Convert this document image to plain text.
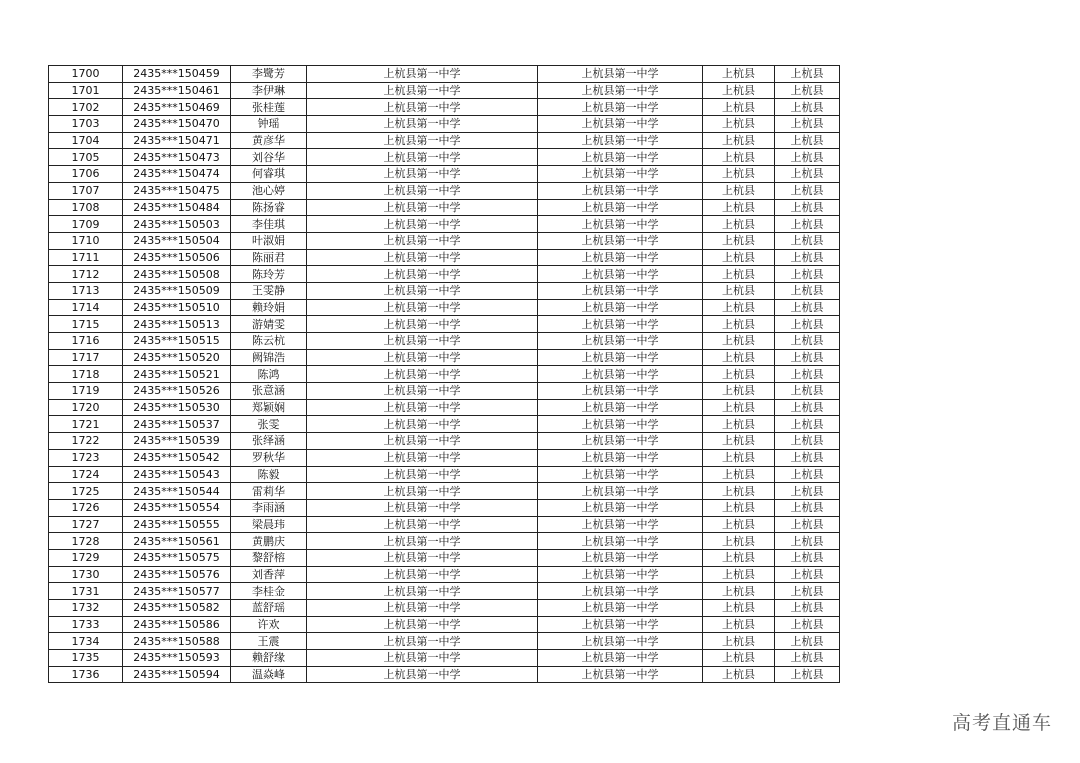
1700	2435***150459	李鹭芳	上杭县第一中学	上杭县第一中学	上杭县	上杭县
1701	2435***150461	李伊琳	上杭县第一中学	上杭县第一中学	上杭县	上杭县
1702	2435***150469	张桂莲	上杭县第一中学	上杭县第一中学	上杭县	上杭县
1703	2435***150470	钟瑶	上杭县第一中学	上杭县第一中学	上杭县	上杭县
1704	2435***150471	黄彦华	上杭县第一中学	上杭县第一中学	上杭县	上杭县
1705	2435***150473	刘谷华	上杭县第一中学	上杭县第一中学	上杭县	上杭县
1706	2435***150474	何睿琪	上杭县第一中学	上杭县第一中学	上杭县	上杭县
1707	2435***150475	池心婷	上杭县第一中学	上杭县第一中学	上杭县	上杭县
1708	2435***150484	陈扬睿	上杭县第一中学	上杭县第一中学	上杭县	上杭县
1709	2435***150503	李佳琪	上杭县第一中学	上杭县第一中学	上杭县	上杭县
1710	2435***150504	叶淑娟	上杭县第一中学	上杭县第一中学	上杭县	上杭县
1711	2435***150506	陈丽君	上杭县第一中学	上杭县第一中学	上杭县	上杭县
1712	2435***150508	陈玲芳	上杭县第一中学	上杭县第一中学	上杭县	上杭县
1713	2435***150509	王雯静	上杭县第一中学	上杭县第一中学	上杭县	上杭县
1714	2435***150510	赖玲娟	上杭县第一中学	上杭县第一中学	上杭县	上杭县
1715	2435***150513	游婧雯	上杭县第一中学	上杭县第一中学	上杭县	上杭县
1716	2435***150515	陈云杭	上杭县第一中学	上杭县第一中学	上杭县	上杭县
1717	2435***150520	阙锦浩	上杭县第一中学	上杭县第一中学	上杭县	上杭县
1718	2435***150521	陈鸿	上杭县第一中学	上杭县第一中学	上杭县	上杭县
1719	2435***150526	张意涵	上杭县第一中学	上杭县第一中学	上杭县	上杭县
1720	2435***150530	郑颖娴	上杭县第一中学	上杭县第一中学	上杭县	上杭县
1721	2435***150537	张雯	上杭县第一中学	上杭县第一中学	上杭县	上杭县
1722	2435***150539	张绎涵	上杭县第一中学	上杭县第一中学	上杭县	上杭县
1723	2435***150542	罗秋华	上杭县第一中学	上杭县第一中学	上杭县	上杭县
1724	2435***150543	陈毅	上杭县第一中学	上杭县第一中学	上杭县	上杭县
1725	2435***150544	雷莉华	上杭县第一中学	上杭县第一中学	上杭县	上杭县
1726	2435***150554	李雨涵	上杭县第一中学	上杭县第一中学	上杭县	上杭县
1727	2435***150555	梁晨玮	上杭县第一中学	上杭县第一中学	上杭县	上杭县
1728	2435***150561	黄鹏庆	上杭县第一中学	上杭县第一中学	上杭县	上杭县
1729	2435***150575	黎舒榕	上杭县第一中学	上杭县第一中学	上杭县	上杭县
1730	2435***150576	刘香萍	上杭县第一中学	上杭县第一中学	上杭县	上杭县
1731	2435***150577	李桂金	上杭县第一中学	上杭县第一中学	上杭县	上杭县
1732	2435***150582	蓝舒瑶	上杭县第一中学	上杭县第一中学	上杭县	上杭县
1733	2435***150586	许欢	上杭县第一中学	上杭县第一中学	上杭县	上杭县
1734	2435***150588	王震	上杭县第一中学	上杭县第一中学	上杭县	上杭县
1735	2435***150593	赖舒缘	上杭县第一中学	上杭县第一中学	上杭县	上杭县
1736	2435***150594	温焱峰	上杭县第一中学	上杭县第一中学	上杭县	上杭县
高考直通车
